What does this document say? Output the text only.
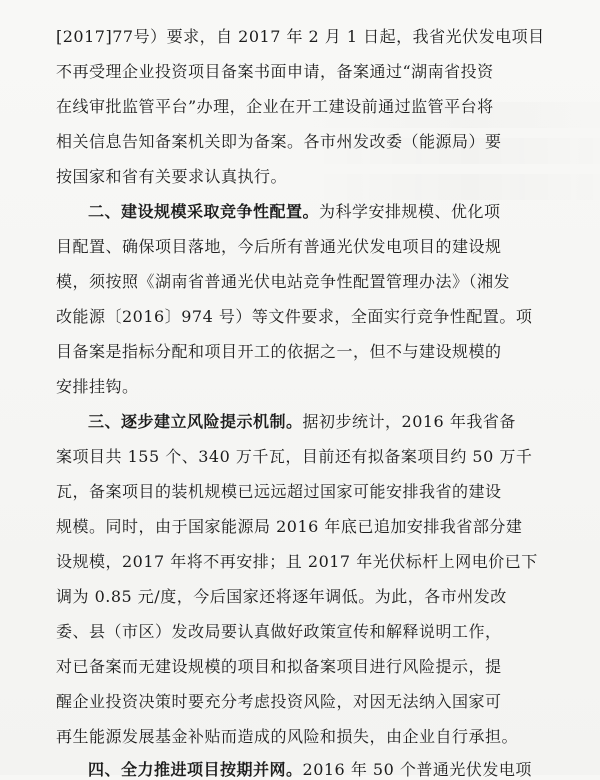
[2017]77号）要求，自 2017 年 2 月 1 日起，我省光伏发电项目
不再受理企业投资项目备案书面申请，备案通过“湖南省投资
在线审批监管平台”办理，企业在开工建设前通过监管平台将
相关信息告知备案机关即为备案。各市州发改委（能源局）要
按国家和省有关要求认真执行。
二、建设规模采取竞争性配置。为科学安排规模、优化项
目配置、确保项目落地，今后所有普通光伏发电项目的建设规
模，须按照《湖南省普通光伏电站竞争性配置管理办法》（湘发
改能源〔2016〕974 号）等文件要求，全面实行竞争性配置。项
目备案是指标分配和项目开工的依据之一，但不与建设规模的
安排挂钩。
三、逐步建立风险提示机制。据初步统计，2016 年我省备
案项目共 155 个、340 万千瓦，目前还有拟备案项目约 50 万千
瓦，备案项目的装机规模已远远超过国家可能安排我省的建设
规模。同时，由于国家能源局 2016 年底已追加安排我省部分建
设规模，2017 年将不再安排；且 2017 年光伏标杆上网电价已下
调为 0.85 元/度，今后国家还将逐年调低。为此，各市州发改
委、县（市区）发改局要认真做好政策宣传和解释说明工作，
对已备案而无建设规模的项目和拟备案项目进行风险提示，提
醒企业投资决策时要充分考虑投资风险，对因无法纳入国家可
再生能源发展基金补贴而造成的风险和损失，由企业自行承担。
四、全力推进项目按期并网。2016 年 50 个普通光伏发电项
